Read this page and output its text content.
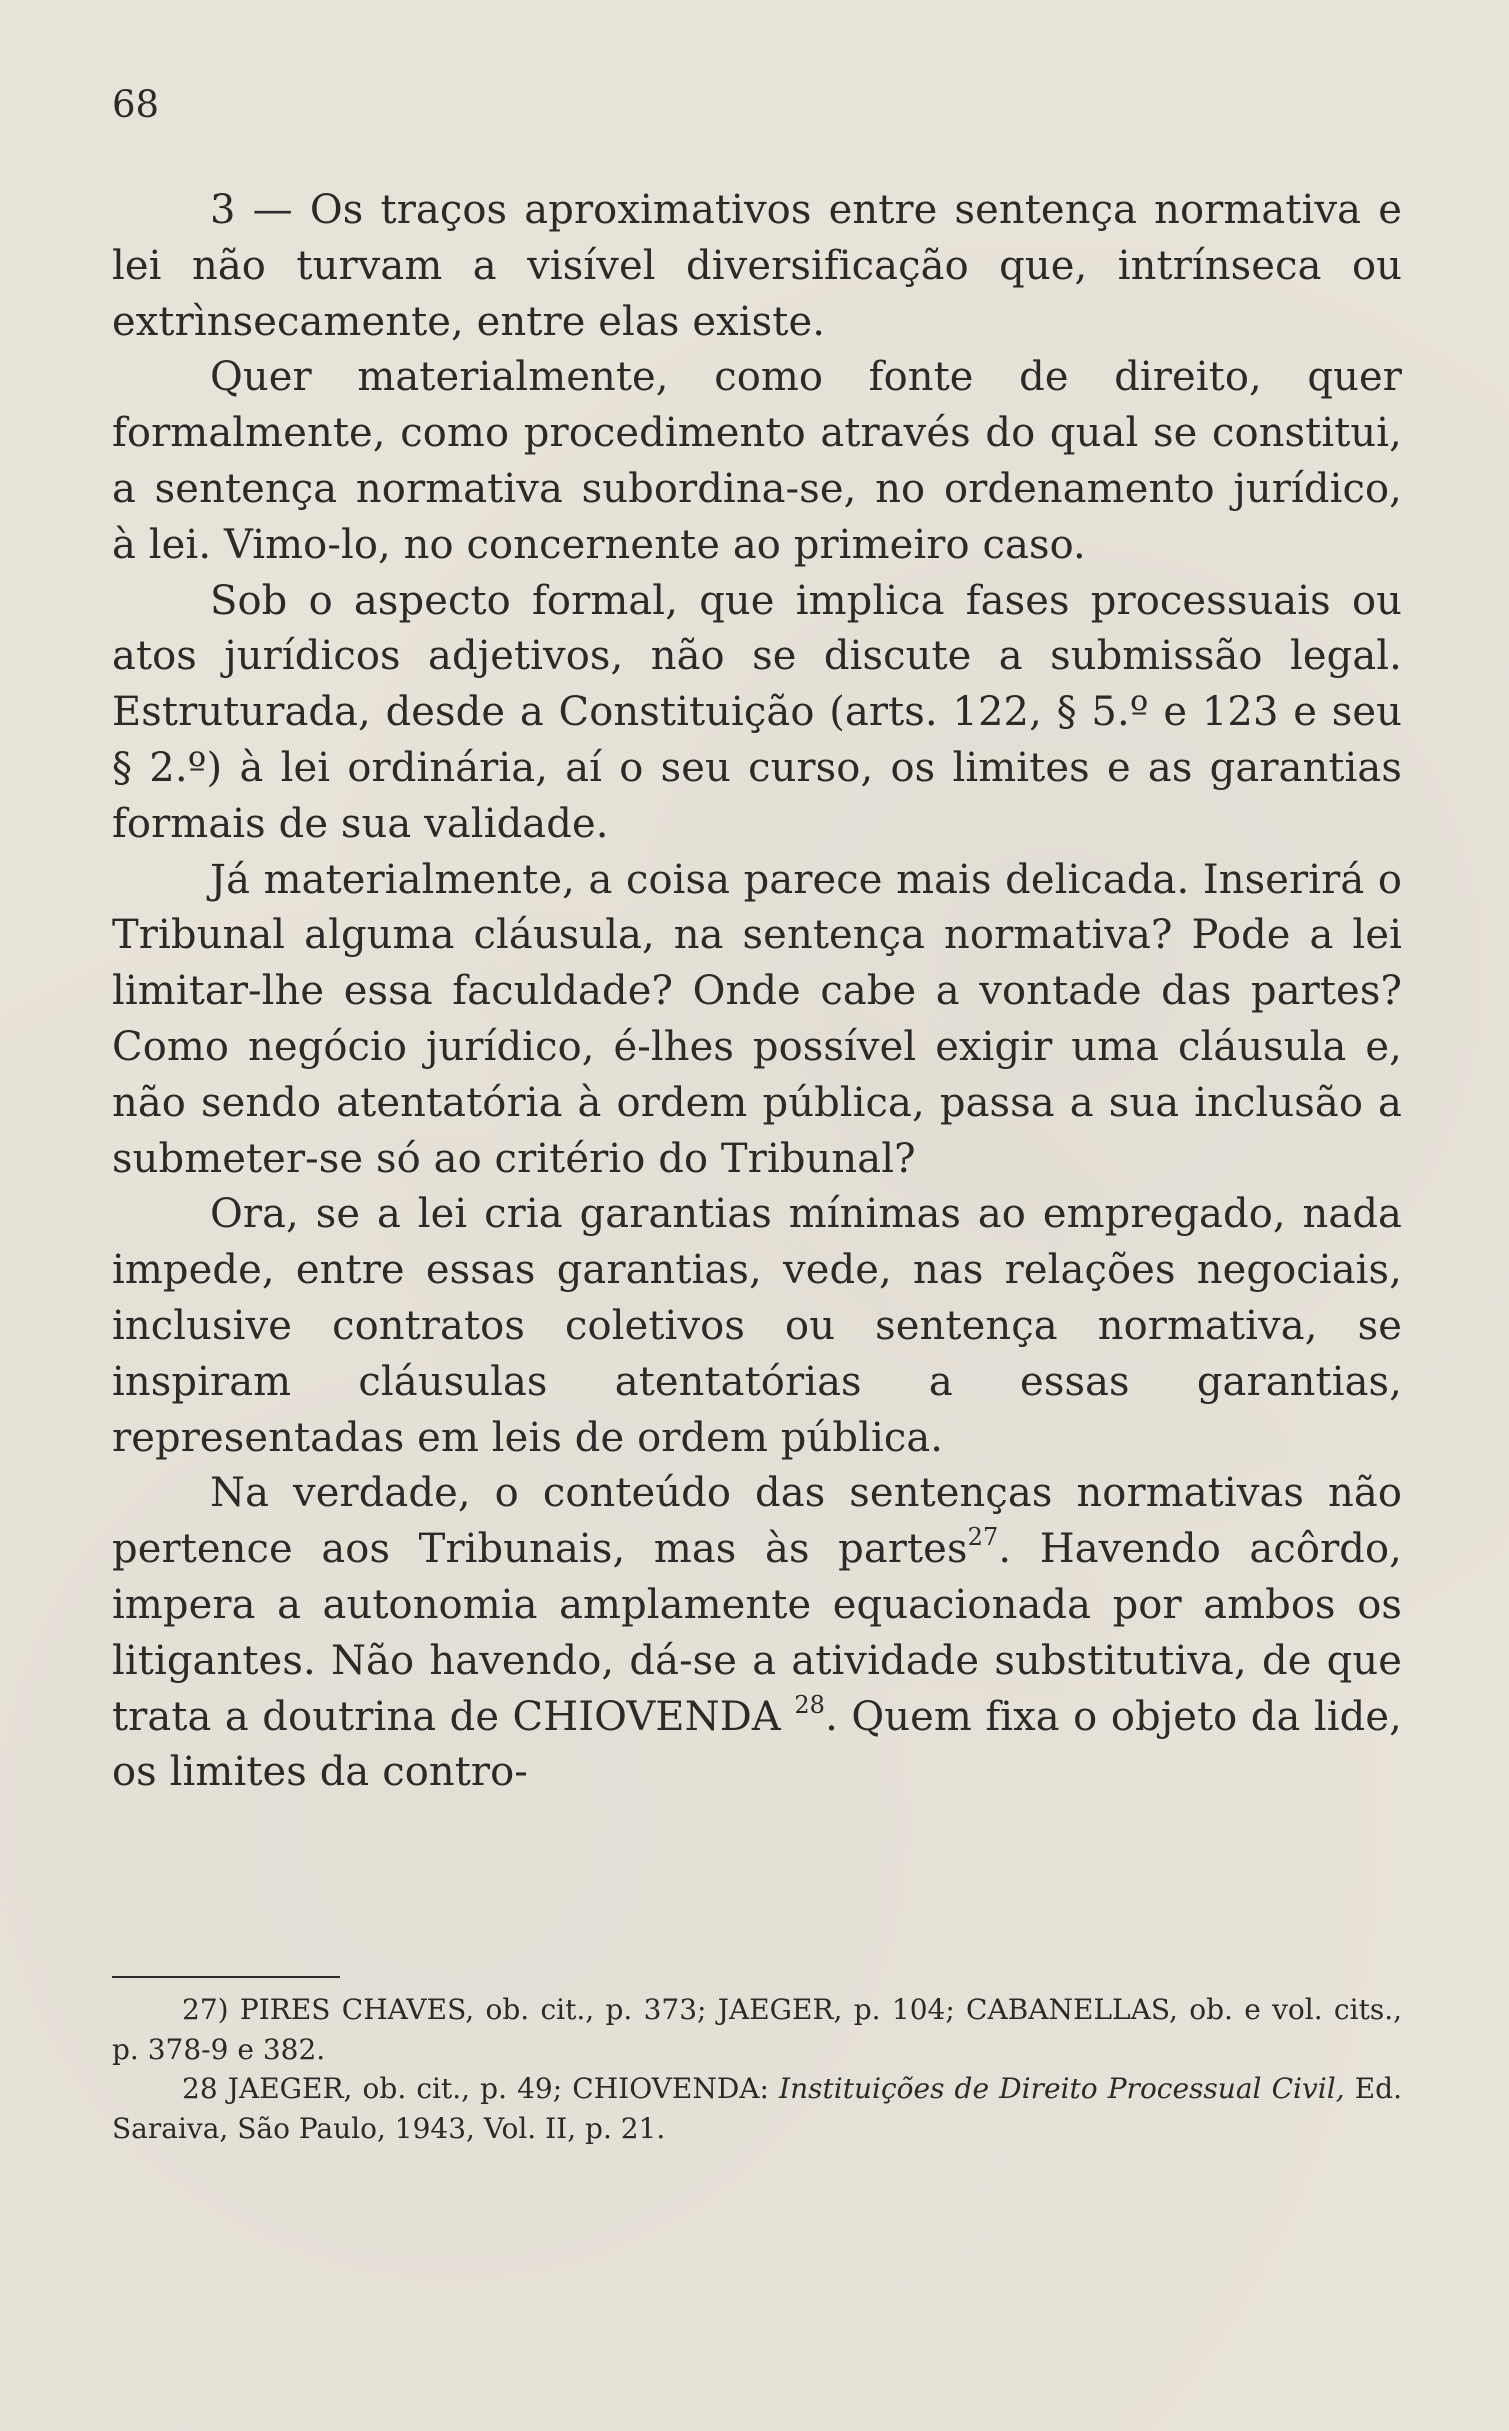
68

3 — Os traços aproximativos entre sentença normativa e lei não turvam a visível diversificação que, intrínseca ou extrìnsecamente, entre elas existe.

Quer materialmente, como fonte de direito, quer formalmente, como procedimento através do qual se constitui, a sentença normativa subordina-se, no ordenamento jurídico, à lei. Vimo-lo, no concernente ao primeiro caso.

Sob o aspecto formal, que implica fases processuais ou atos jurídicos adjetivos, não se discute a submissão legal. Estruturada, desde a Constituição (arts. 122, § 5.º e 123 e seu § 2.º) à lei ordinária, aí o seu curso, os limites e as garantias formais de sua validade.

Já materialmente, a coisa parece mais delicada. Inserirá o Tribunal alguma cláusula, na sentença normativa? Pode a lei limitar-lhe essa faculdade? Onde cabe a vontade das partes? Como negócio jurídico, é-lhes possível exigir uma cláusula e, não sendo atentatória à ordem pública, passa a sua inclusão a submeter-se só ao critério do Tribunal?

Ora, se a lei cria garantias mínimas ao empregado, nada impede, entre essas garantias, vede, nas relações negociais, inclusive contratos coletivos ou sentença normativa, se inspiram cláusulas atentatórias a essas garantias, representadas em leis de ordem pública.

Na verdade, o conteúdo das sentenças normativas não pertence aos Tribunais, mas às partes$^{27}$. Havendo acôrdo, impera a autonomia amplamente equacionada por ambos os litigantes. Não havendo, dá-se a atividade substitutiva, de que trata a doutrina de CHIOVENDA $^{28}$. Quem fixa o objeto da lide, os limites da contro-

27) PIRES CHAVES, ob. cit., p. 373; JAEGER, p. 104; CABANELLAS, ob. e vol. cits., p. 378-9 e 382.

28 JAEGER, ob. cit., p. 49; CHIOVENDA: Instituições de Direito Processual Civil, Ed. Saraiva, São Paulo, 1943, Vol. II, p. 21.
